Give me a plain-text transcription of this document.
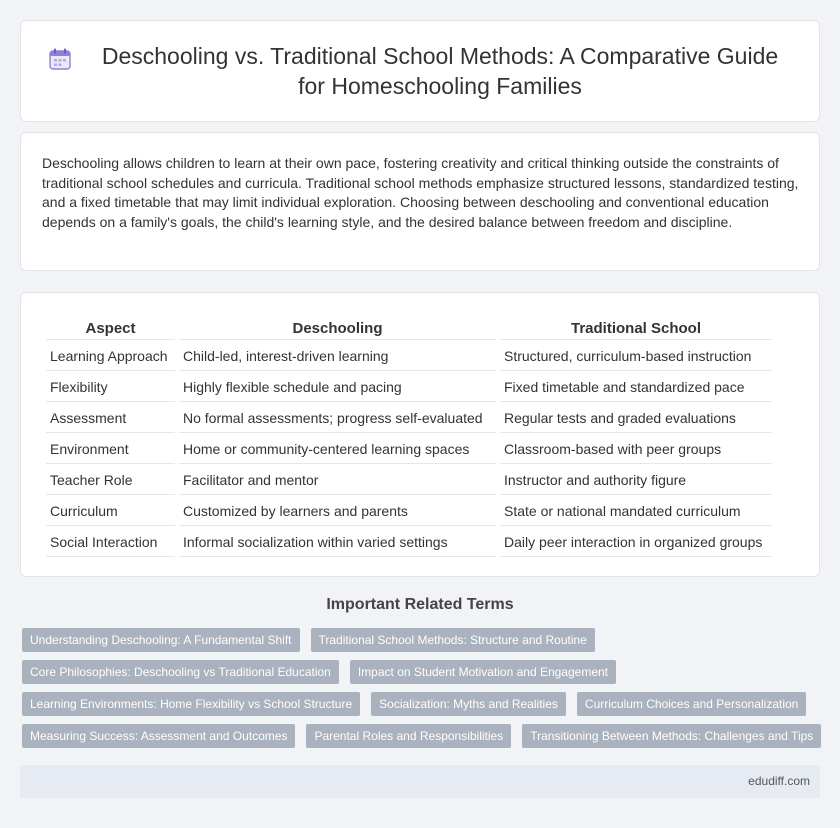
Deschooling vs. Traditional School Methods: A Comparative Guide for Homeschooling Families

Deschooling allows children to learn at their own pace, fostering creativity and critical thinking outside the constraints of traditional school schedules and curricula. Traditional school methods emphasize structured lessons, standardized testing, and a fixed timetable that may limit individual exploration. Choosing between deschooling and conventional education depends on a family's goals, the child's learning style, and the desired balance between freedom and discipline.

Aspect	Deschooling	Traditional School
Learning Approach	Child-led, interest-driven learning	Structured, curriculum-based instruction
Flexibility	Highly flexible schedule and pacing	Fixed timetable and standardized pace
Assessment	No formal assessments; progress self-evaluated	Regular tests and graded evaluations
Environment	Home or community-centered learning spaces	Classroom-based with peer groups
Teacher Role	Facilitator and mentor	Instructor and authority figure
Curriculum	Customized by learners and parents	State or national mandated curriculum
Social Interaction	Informal socialization within varied settings	Daily peer interaction in organized groups
Important Related Terms
Understanding Deschooling: A Fundamental Shift	Traditional School Methods: Structure and Routine
Core Philosophies: Deschooling vs Traditional Education	Impact on Student Motivation and Engagement
Learning Environments: Home Flexibility vs School Structure	Socialization: Myths and Realities	Curriculum Choices and Personalization
Measuring Success: Assessment and Outcomes	Parental Roles and Responsibilities	Transitioning Between Methods: Challenges and Tips
edudiff.com
